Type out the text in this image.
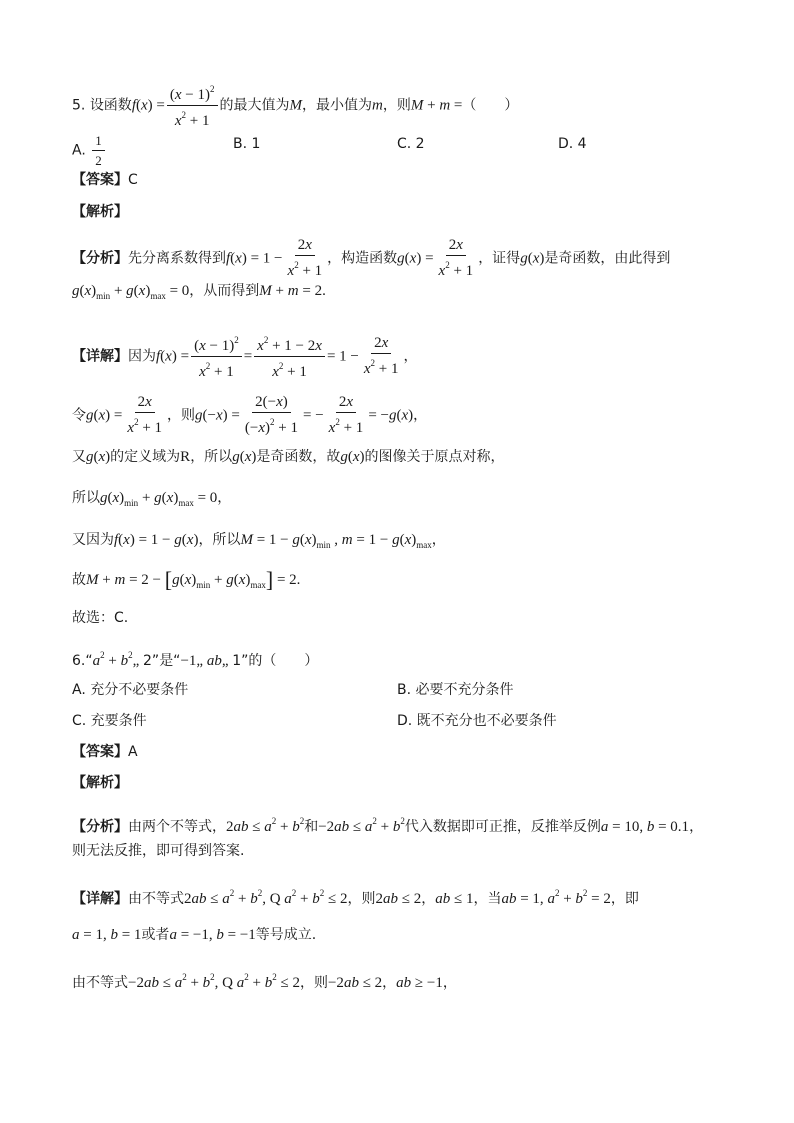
5. 设函数$f(x) = \frac{(x - 1)^2}{x^2 + 1}$ 的最大值为M，最小值为m，则M + m =（　　）
A. $\frac{1}{2}$	B. 1	C. 2	D. 4
【答案】C
【解析】
【分析】先分离系数得到$f(x) = 1 - \frac{2x}{x^2 + 1}$ ，构造函数$g(x) = \frac{2x}{x^2 + 1}$ ，证得g(x)是奇函数，由此得到
$g(x)_{min} + g(x)_{max} = 0$，从而得到M + m = 2.
【详解】因为$f(x) = \frac{(x - 1)^2}{x^2 + 1} = \frac{x^2 + 1 - 2x}{x^2 + 1} = 1 - \frac{2x}{x^2 + 1}$ ，
令$g(x) = \frac{2x}{x^2 + 1}$ ，则$g(-x) = \frac{2(-x)}{(-x)^2 + 1}$ = − $\frac{2x}{x^2 + 1} = -g(x)$，
又g(x)的定义域为R，所以g(x)是奇函数，故g(x)的图像关于原点对称，
所以$g(x)_{min} + g(x)_{max} = 0$，
又因为f(x) = 1 − g(x)，所以$M = 1 - g(x)_{min}$ , $m = 1 - g(x)_{max}$，
故$M + m = 2 - [g(x)_{min} + g(x)_{max}] = 2$.
故选：C.
$6.“a^2$ + $b^2„$ 2”是“−1„ ab„ 1”的（　　）
A. 充分不必要条件	B. 必要不充分条件
C. 充要条件	D. 既不充分也不必要条件
【答案】A
【解析】
【分析】由两个不等式，$2ab \le a^2 + b^2$和$-2ab \le a^2 + b^2$代入数据即可正推，反推举反例a = 10, b = 0.1，
则无法反推，即可得到答案.
【详解】由不等式$2ab \le a^2 + b^2$, Q $a^2 + b^2 \le 2$，则2ab ≤ 2，ab ≤ 1，当ab = 1, $a^2 + b^2 = 2$，即
a = 1, b = 1或者a = −1, b = −1等号成立.
由不等式$-2ab \le a^2 + b^2$, Q $a^2 + b^2 \le 2$，则−2ab ≤ 2，ab ≥ −1，
